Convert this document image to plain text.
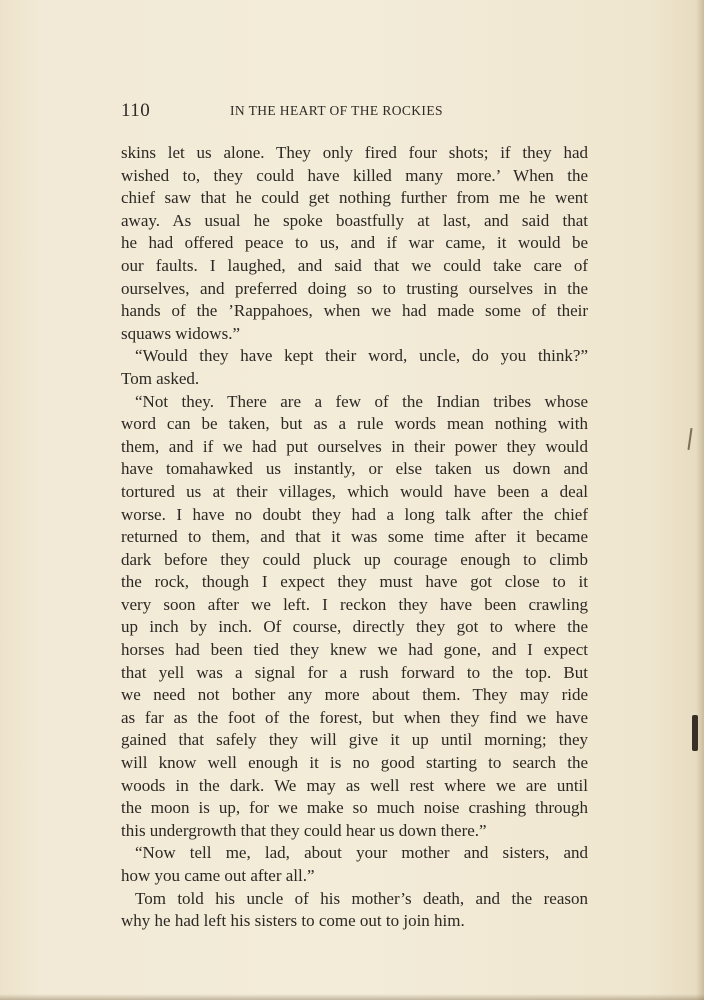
110	IN THE HEART OF THE ROCKIES
skins let us alone. They only fired four shots; if they had
wished to, they could have killed many more.’ When the
chief saw that he could get nothing further from me he went
away. As usual he spoke boastfully at last, and said that
he had offered peace to us, and if war came, it would be
our faults. I laughed, and said that we could take care of
ourselves, and preferred doing so to trusting ourselves in the
hands of the ’Rappahoes, when we had made some of their
squaws widows.”
“Would they have kept their word, uncle, do you think?”
Tom asked.
“Not they. There are a few of the Indian tribes whose
word can be taken, but as a rule words mean nothing with
them, and if we had put ourselves in their power they would
have tomahawked us instantly, or else taken us down and
tortured us at their villages, which would have been a deal
worse. I have no doubt they had a long talk after the chief
returned to them, and that it was some time after it became
dark before they could pluck up courage enough to climb
the rock, though I expect they must have got close to it
very soon after we left. I reckon they have been crawling
up inch by inch. Of course, directly they got to where the
horses had been tied they knew we had gone, and I expect
that yell was a signal for a rush forward to the top. But
we need not bother any more about them. They may ride
as far as the foot of the forest, but when they find we have
gained that safely they will give it up until morning; they
will know well enough it is no good starting to search the
woods in the dark. We may as well rest where we are until
the moon is up, for we make so much noise crashing through
this undergrowth that they could hear us down there.”
“Now tell me, lad, about your mother and sisters, and
how you came out after all.”
Tom told his uncle of his mother’s death, and the reason
why he had left his sisters to come out to join him.
